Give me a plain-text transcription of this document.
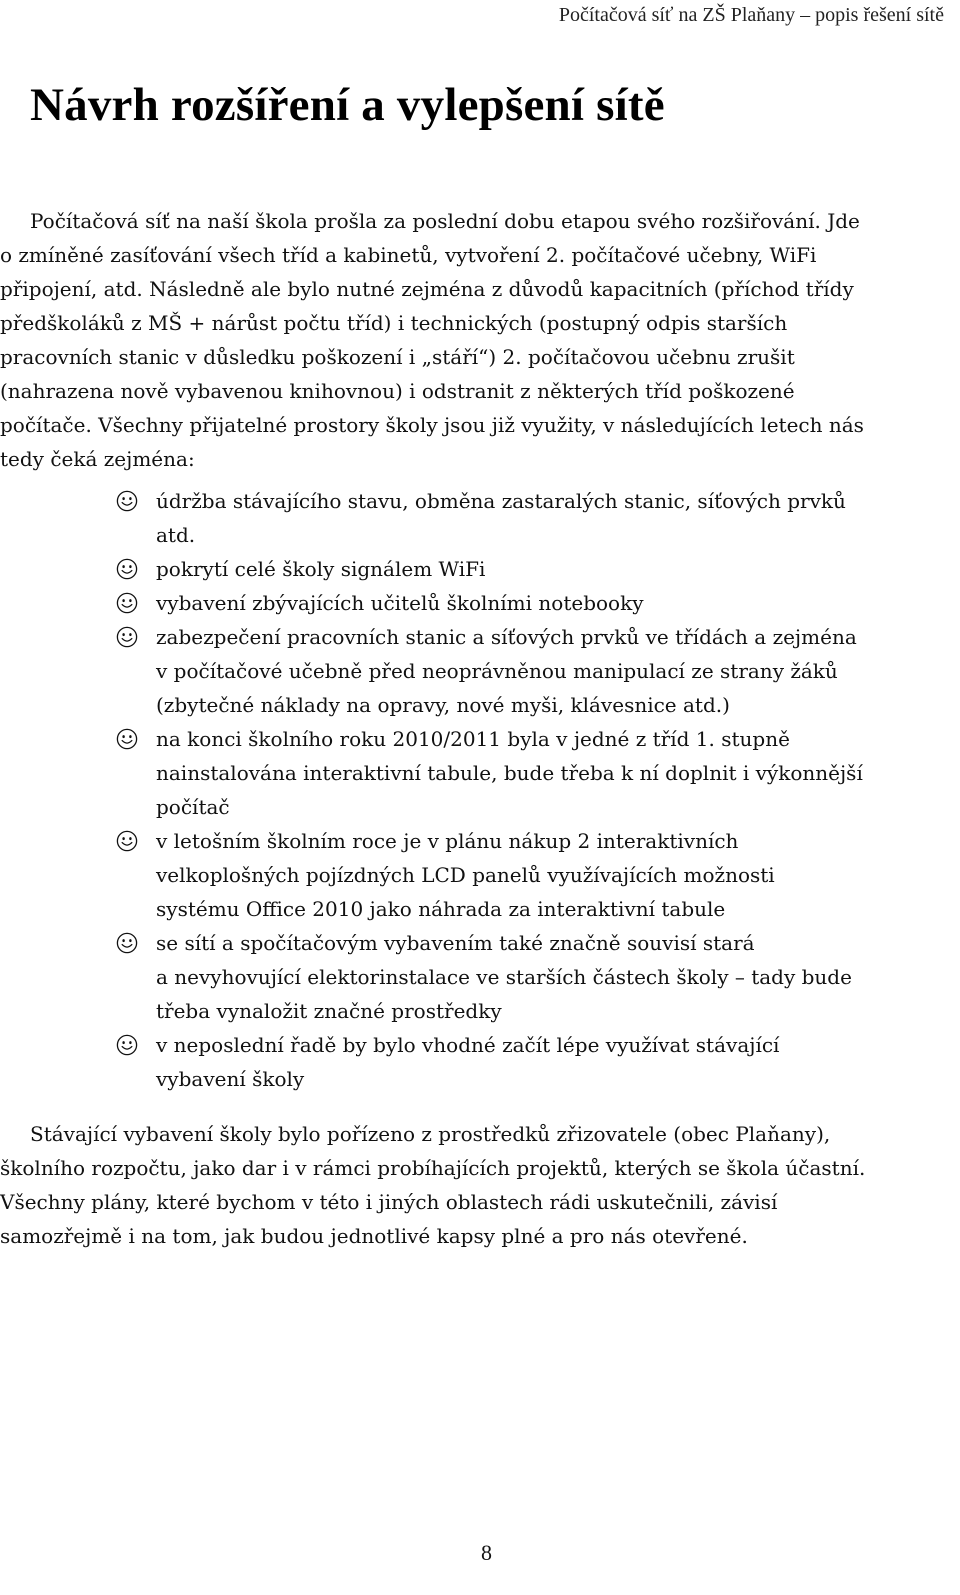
Počítačová síť na ZŠ Plaňany – popis řešení sítě
Návrh rozšíření a vylepšení sítě

Počítačová síť na naší škola prošla za poslední dobu etapou svého rozšiřování. Jde
o zmíněné zasíťování všech tříd a kabinetů, vytvoření 2. počítačové učebny, WiFi
připojení, atd. Následně ale bylo nutné zejména z důvodů kapacitních (příchod třídy
předškoláků z MŠ + nárůst počtu tříd) i technických (postupný odpis starších
pracovních stanic v důsledku poškození i „stáří“) 2. počítačovou učebnu zrušit
(nahrazena nově vybavenou knihovnou) i odstranit z některých tříd poškozené
počítače. Všechny přijatelné prostory školy jsou již využity, v následujících letech nás
tedy čeká zejména:

údržba stávajícího stavu, obměna zastaralých stanic, síťových prvků
atd.
pokrytí celé školy signálem WiFi
vybavení zbývajících učitelů školními notebooky
zabezpečení pracovních stanic a síťových prvků ve třídách a zejména
v počítačové učebně před neoprávněnou manipulací ze strany žáků
(zbytečné náklady na opravy, nové myši, klávesnice atd.)
na konci školního roku 2010/2011 byla v jedné z tříd 1. stupně
nainstalována interaktivní tabule, bude třeba k ní doplnit i výkonnější
počítač
v letošním školním roce je v plánu nákup 2 interaktivních
velkoplošných pojízdných LCD panelů využívajících možnosti
systému Office 2010 jako náhrada za interaktivní tabule
se sítí a spočítačovým vybavením také značně souvisí stará
a nevyhovující elektorinstalace ve starších částech školy – tady bude
třeba vynaložit značné prostředky
v neposlední řadě by bylo vhodné začít lépe využívat stávající
vybavení školy

Stávající vybavení školy bylo pořízeno z prostředků zřizovatele (obec Plaňany),
školního rozpočtu, jako dar i v rámci probíhajících projektů, kterých se škola účastní.
Všechny plány, které bychom v této i jiných oblastech rádi uskutečnili, závisí
samozřejmě i na tom, jak budou jednotlivé kapsy plné a pro nás otevřené.

8
